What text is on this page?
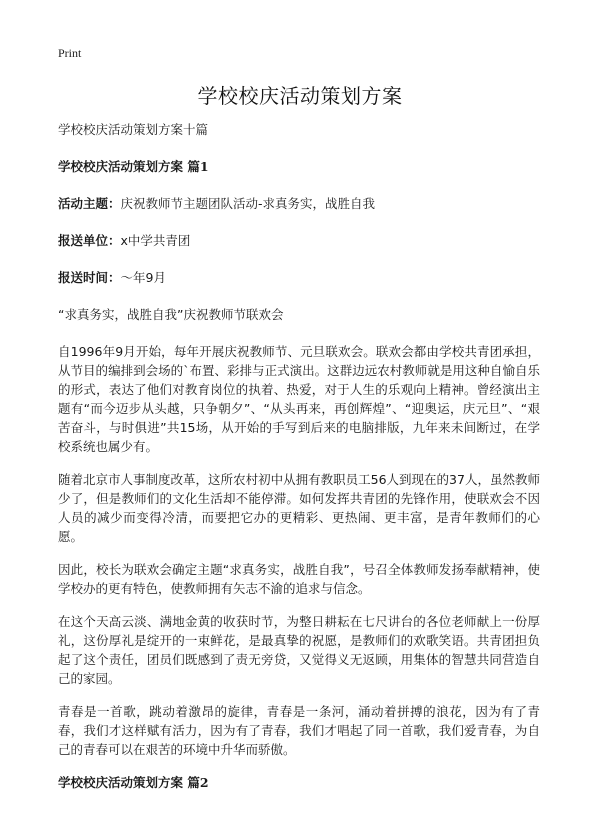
Print
学校校庆活动策划方案

学校校庆活动策划方案十篇

学校校庆活动策划方案 篇1

活动主题：庆祝教师节主题团队活动-求真务实，战胜自我

报送单位：x中学共青团

报送时间：～年9月

“求真务实，战胜自我”庆祝教师节联欢会

自1996年9月开始，每年开展庆祝教师节、元旦联欢会。联欢会都由学校共青团承担，从节目的编排到会场的`布置、彩排与正式演出。这群边远农村教师就是用这种自愉自乐的形式，表达了他们对教育岗位的执着、热爱，对于人生的乐观向上精神。曾经演出主题有“而今迈步从头越，只争朝夕”、“从头再来，再创辉煌”、“迎奥运，庆元旦”、“艰苦奋斗，与时俱进”共15场，从开始的手写到后来的电脑排版，九年来未间断过，在学校系统也属少有。

随着北京市人事制度改革，这所农村初中从拥有教职员工56人到现在的37人，虽然教师少了，但是教师们的文化生活却不能停滞。如何发挥共青团的先锋作用，使联欢会不因人员的减少而变得冷清，而要把它办的更精彩、更热闹、更丰富，是青年教师们的心愿。

因此，校长为联欢会确定主题“求真务实，战胜自我”，号召全体教师发扬奉献精神，使学校办的更有特色，使教师拥有矢志不渝的追求与信念。

在这个天高云淡、满地金黄的收获时节，为整日耕耘在七尺讲台的各位老师献上一份厚礼，这份厚礼是绽开的一束鲜花，是最真挚的祝愿，是教师们的欢歌笑语。共青团担负起了这个责任，团员们既感到了责无旁贷，又觉得义无返顾，用集体的智慧共同营造自己的家园。

青春是一首歌，跳动着激昂的旋律，青春是一条河，涌动着拼搏的浪花，因为有了青春，我们才这样赋有活力，因为有了青春，我们才唱起了同一首歌，我们爱青春，为自己的青春可以在艰苦的环境中升华而骄傲。

学校校庆活动策划方案 篇2
